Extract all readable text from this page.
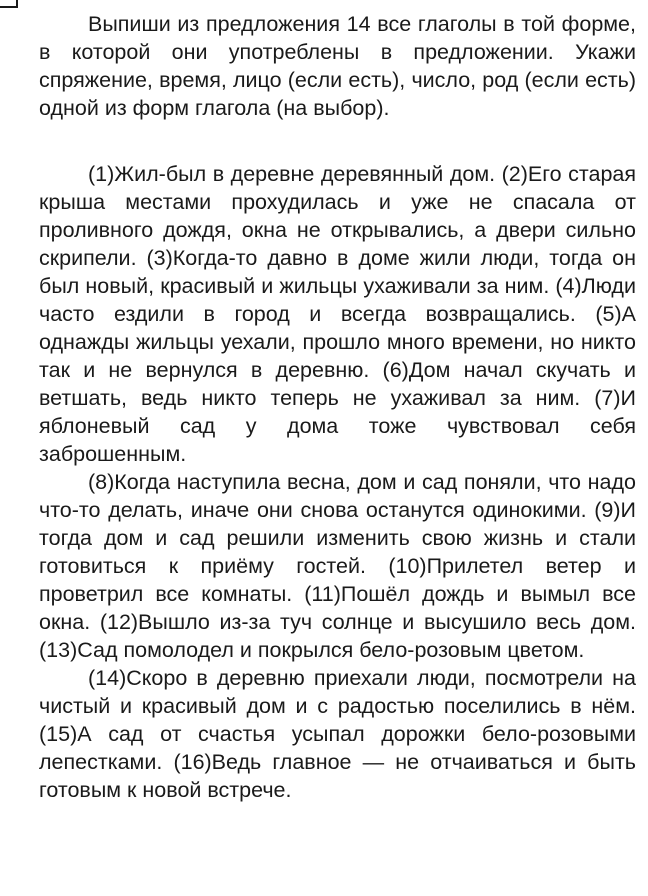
Выпиши из предложения 14 все глаголы в той форме, в которой они употреблены в предложении. Укажи спряжение, время, лицо (если есть), число, род (если есть) одной из форм глагола (на выбор).

(1)Жил-был в деревне деревянный дом. (2)Его старая крыша местами прохудилась и уже не спасала от проливного дождя, окна не открывались, а двери сильно скрипели. (3)Когда-то давно в доме жили люди, тогда он был новый, красивый и жильцы ухаживали за ним. (4)Люди часто ездили в город и всегда возвращались. (5)А однажды жильцы уехали, прошло много времени, но никто так и не вернулся в деревню. (6)Дом начал скучать и ветшать, ведь никто теперь не ухаживал за ним. (7)И яблоневый сад у дома тоже чувствовал себя заброшенным.

(8)Когда наступила весна, дом и сад поняли, что надо что-то делать, иначе они снова останутся одинокими. (9)И тогда дом и сад решили изменить свою жизнь и стали готовиться к приёму гостей. (10)Прилетел ветер и проветрил все комнаты. (11)Пошёл дождь и вымыл все окна. (12)Вышло из-за туч солнце и высушило весь дом. (13)Сад помолодел и покрылся бело-розовым цветом.

(14)Скоро в деревню приехали люди, посмотрели на чистый и красивый дом и с радостью поселились в нём. (15)А сад от счастья усыпал дорожки бело-розовыми лепестками. (16)Ведь главное — не отчаиваться и быть готовым к новой встрече.
